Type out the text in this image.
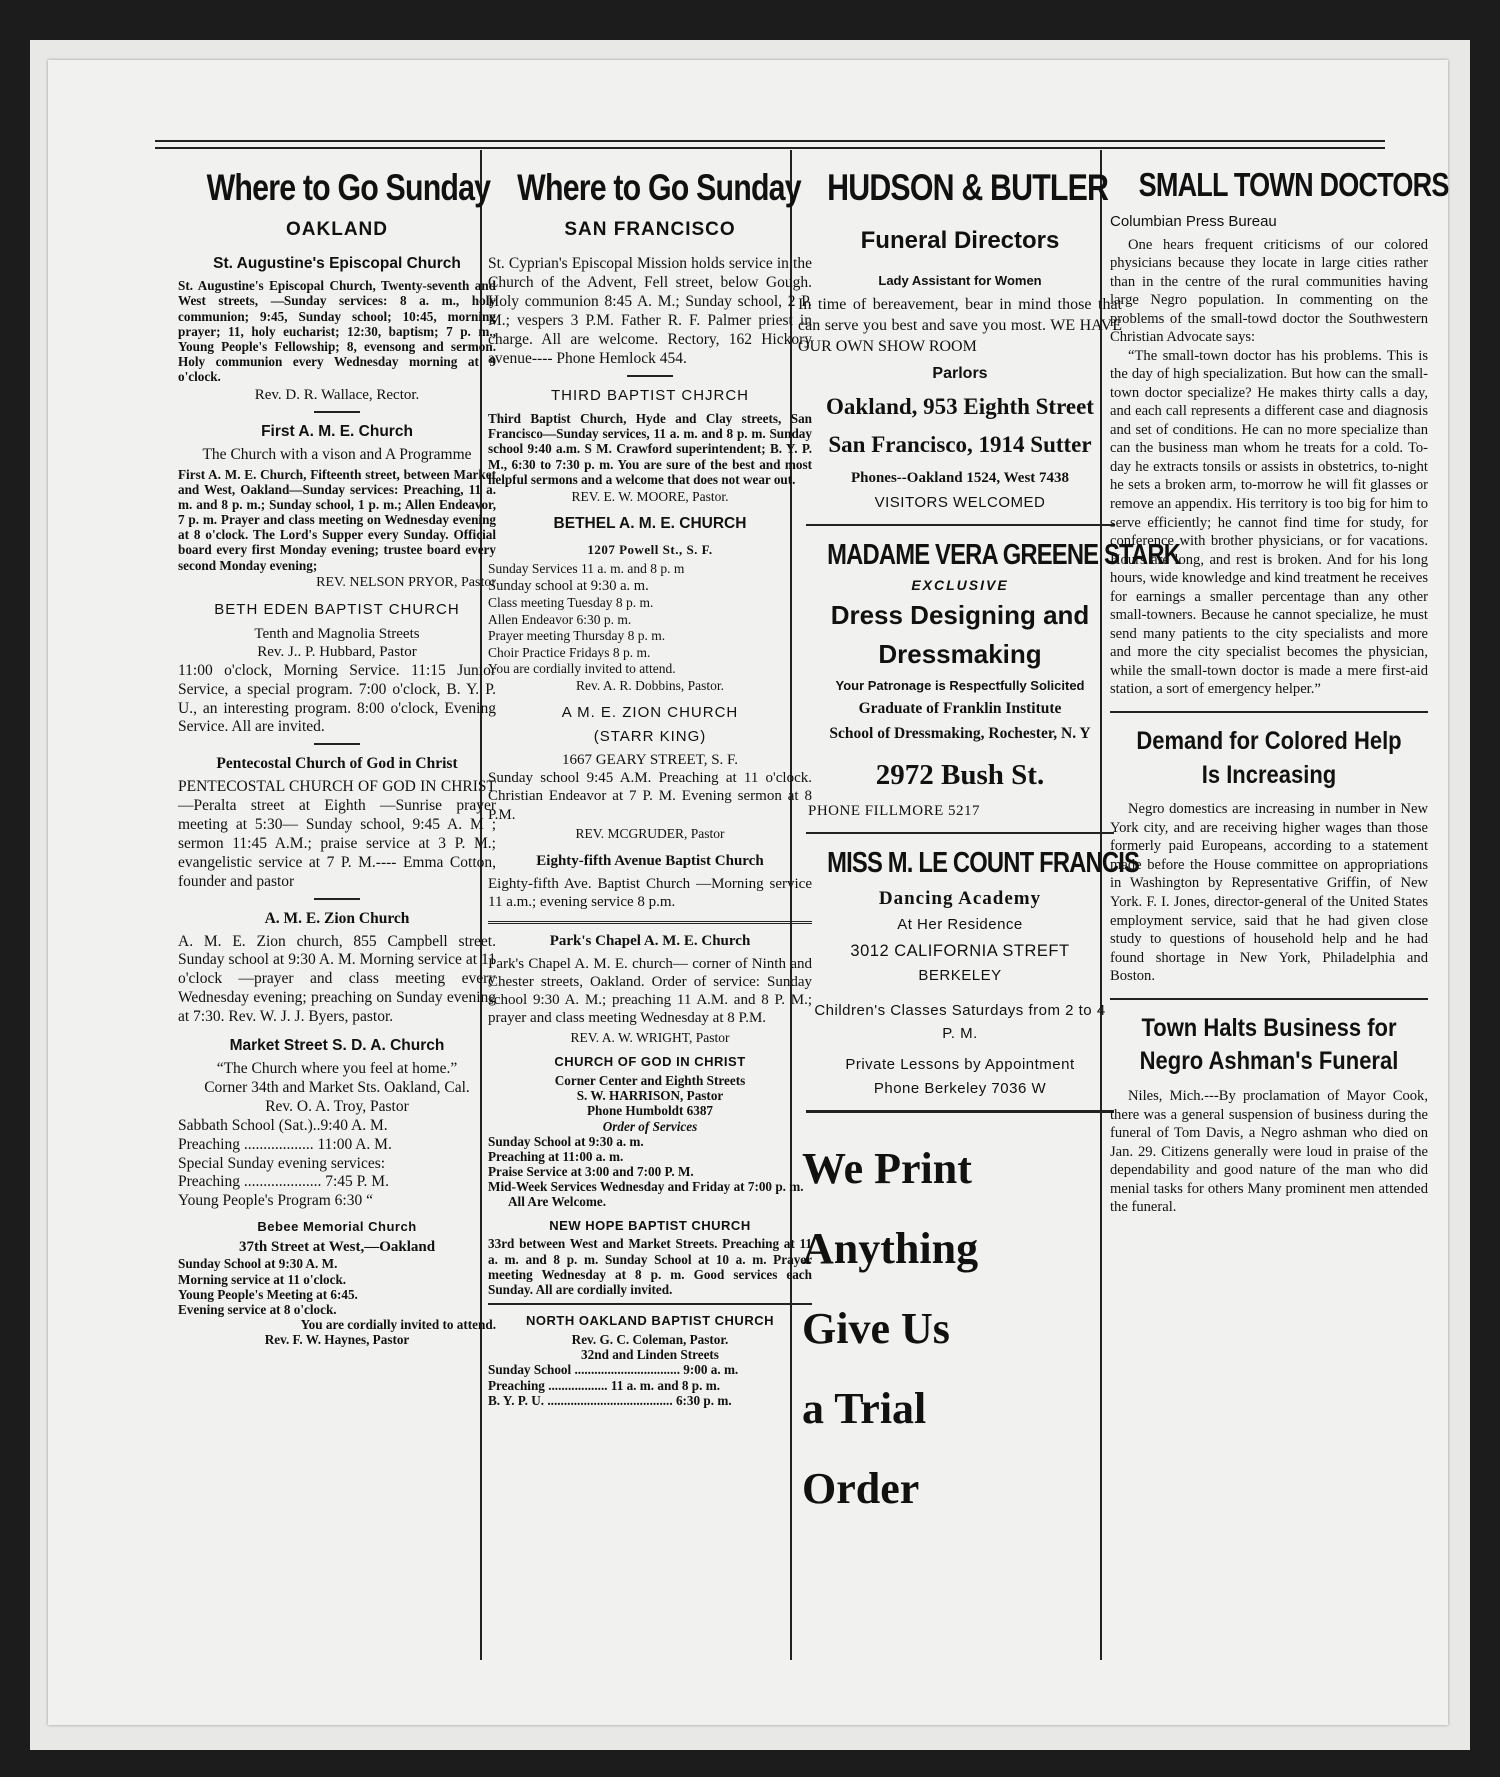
Where to Go Sunday
OAKLAND
St. Augustine's Episcopal Church

St. Augustine's Episcopal Church, Twenty-seventh and West streets, —Sunday services: 8 a. m., holy communion; 9:45, Sunday school; 10:45, morning prayer; 11, holy eucharist; 12:30, baptism; 7 p. m., Young People's Fellowship; 8, evensong and sermon. Holy communion every Wednesday morning at 9 o'clock.

Rev. D. R. Wallace, Rector.
First A. M. E. Church
The Church with a vison and A Programme

First A. M. E. Church, Fifteenth street, between Market and West, Oakland—Sunday services: Preaching, 11 a. m. and 8 p. m.; Sunday school, 1 p. m.; Allen Endeavor, 7 p. m. Prayer and class meeting on Wednesday evening at 8 o'clock. The Lord's Supper every Sunday. Official board every first Monday evening; trustee board every second Monday evening;

REV. NELSON PRYOR, Pastor
BETH EDEN BAPTIST CHURCH
Tenth and Magnolia Streets
Rev. J.. P. Hubbard, Pastor

11:00 o'clock, Morning Service. 11:15 Junior Service, a special program. 7:00 o'clock, B. Y. P. U., an interesting program. 8:00 o'clock, Evening Service. All are invited.

Pentecostal Church of God in Christ

PENTECOSTAL CHURCH OF GOD IN CHRIST—Peralta street at Eighth —Sunrise prayer meeting at 5:30— Sunday school, 9:45 A. M ; sermon 11:45 A.M.; praise service at 3 P. M.; evangelistic service at 7 P. M.---- Emma Cotton, founder and pastor

A. M. E. Zion Church

A. M. E. Zion church, 855 Campbell street. Sunday school at 9:30 A. M. Morning service at 11 o'clock —prayer and class meeting every Wednesday evening; preaching on Sunday evening at 7:30. Rev. W. J. J. Byers, pastor.

Market Street S. D. A. Church
“The Church where you feel at home.”
Corner 34th and Market Sts. Oakland, Cal.
Rev. O. A. Troy, Pastor
Sabbath School (Sat.)..9:40 A. M.
Preaching .................. 11:00 A. M.
Special Sunday evening services:
Preaching .................... 7:45 P. M.
Young People's Program 6:30 “
Bebee Memorial Church
37th Street at West,—Oakland
Sunday School at 9:30 A. M.
Morning service at 11 o'clock.
Young People's Meeting at 6:45.
Evening service at 8 o'clock.
You are cordially invited to attend.
Rev. F. W. Haynes, Pastor
Where to Go Sunday
SAN FRANCISCO

St. Cyprian's Episcopal Mission holds service in the Church of the Advent, Fell street, below Gough. Holy communion 8:45 A. M.; Sunday school, 2 P. M.; vespers 3 P.M. Father R. F. Palmer priest in charge. All are welcome. Rectory, 162 Hickory avenue---- Phone Hemlock 454.

THIRD BAPTIST CHJRCH

Third Baptist Church, Hyde and Clay streets, San Francisco—Sunday services, 11 a. m. and 8 p. m. Sunday school 9:40 a.m. S M. Crawford superintendent; B. Y. P. M., 6:30 to 7:30 p. m. You are sure of the best and most helpful sermons and a welcome that does not wear out.

REV. E. W. MOORE, Pastor.
BETHEL A. M. E. CHURCH
1207 Powell St., S. F.
Sunday Services 11 a. m. and 8 p. m
Sunday school at 9:30 a. m.
Class meeting Tuesday 8 p. m.
Allen Endeavor 6:30 p. m.
Prayer meeting Thursday 8 p. m.
Choir Practice Fridays 8 p. m.
You are cordially invited to attend.
Rev. A. R. Dobbins, Pastor.
A M. E. ZION CHURCH
(STARR KING)
1667 GEARY STREET, S. F.

Sunday school 9:45 A.M. Preaching at 11 o'clock. Christian Endeavor at 7 P. M. Evening sermon at 8 P.M.

REV. MCGRUDER, Pastor
Eighty-fifth Avenue Baptist Church

Eighty-fifth Ave. Baptist Church —Morning service 11 a.m.; evening service 8 p.m.

Park's Chapel A. M. E. Church

Park's Chapel A. M. E. church— corner of Ninth and Chester streets, Oakland. Order of service: Sunday school 9:30 A. M.; preaching 11 A.M. and 8 P. M.; prayer and class meeting Wednesday at 8 P.M.

REV. A. W. WRIGHT, Pastor
CHURCH OF GOD IN CHRIST
Corner Center and Eighth Streets
S. W. HARRISON, Pastor
Phone Humboldt 6387
Order of Services
Sunday School at 9:30 a. m.
Preaching at 11:00 a. m.
Praise Service at 3:00 and 7:00 P. M.
Mid-Week Services Wednesday and Friday at 7:00 p. m.
All Are Welcome.
NEW HOPE BAPTIST CHURCH

33rd between West and Market Streets. Preaching at 11 a. m. and 8 p. m. Sunday School at 10 a. m. Prayer meeting Wednesday at 8 p. m. Good services each Sunday. All are cordially invited.

NORTH OAKLAND BAPTIST CHURCH
Rev. G. C. Coleman, Pastor.
32nd and Linden Streets
Sunday School ................................ 9:00 a. m.
Preaching .................. 11 a. m. and 8 p. m.
B. Y. P. U. ...................................... 6:30 p. m.
HUDSON & BUTLER
Funeral Directors
Lady Assistant for Women

In time of bereavement, bear in mind those that can serve you best and save you most. WE HAVE OUR OWN SHOW ROOM

Parlors
Oakland, 953 Eighth Street
San Francisco, 1914 Sutter
Phones--Oakland 1524, West 7438
VISITORS WELCOMED
MADAME VERA GREENE STARK
EXCLUSIVE
Dress Designing and
Dressmaking
Your Patronage is Respectfully Solicited
Graduate of Franklin Institute
School of Dressmaking, Rochester, N. Y
2972 Bush St.
PHONE FILLMORE 5217
MISS M. LE COUNT FRANCIS
Dancing Academy
At Her Residence
3012 CALIFORNIA STREFT
BERKELEY
Children's Classes Saturdays from 2 to 4 P. M.
Private Lessons by Appointment
Phone Berkeley 7036 W
We Print
Anything
Give Us
a Trial
Order
SMALL TOWN DOCTORS
Columbian Press Bureau

One hears frequent criticisms of our colored physicians because they locate in large cities rather than in the centre of the rural communities having large Negro population. In commenting on the problems of the small-towd doctor the Southwestern Christian Advocate says:

“The small-town doctor has his problems. This is the day of high specialization. But how can the small-town doctor specialize? He makes thirty calls a day, and each call represents a different case and diagnosis and set of conditions. He can no more specialize than can the business man whom he treats for a cold. To-day he extracts tonsils or assists in obstetrics, to-night he sets a broken arm, to-morrow he will fit glasses or remove an appendix. His territory is too big for him to serve efficiently; he cannot find time for study, for conference with brother physicians, or for vacations. Hours are long, and rest is broken. And for his long hours, wide knowledge and kind treatment he receives for earnings a smaller percentage than any other small-towners. Because he cannot specialize, he must send many patients to the city specialists and more and more the city specialist becomes the physician, while the small-town doctor is made a mere first-aid station, a sort of emergency helper.”

Demand for Colored Help Is Increasing

Negro domestics are increasing in number in New York city, and are receiving higher wages than those formerly paid Europeans, according to a statement made before the House committee on appropriations in Washington by Representative Griffin, of New York. F. I. Jones, director-general of the United States employment service, said that he had given close study to questions of household help and he had found shortage in New York, Philadelphia and Boston.

Town Halts Business for Negro Ashman's Funeral

Niles, Mich.---By proclamation of Mayor Cook, there was a general suspension of business during the funeral of Tom Davis, a Negro ashman who died on Jan. 29. Citizens generally were loud in praise of the dependability and good nature of the man who did menial tasks for others Many prominent men attended the funeral.
